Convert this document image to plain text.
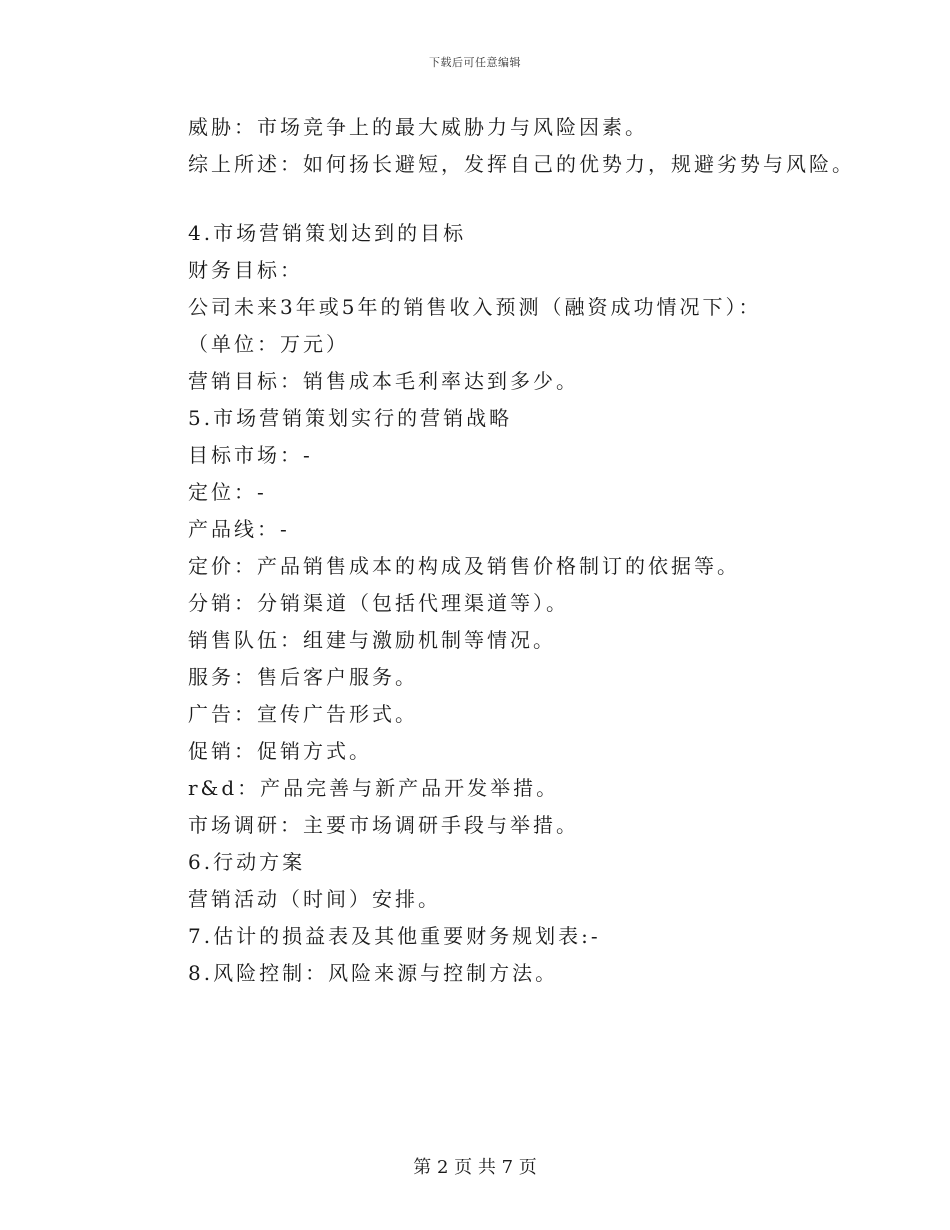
下载后可任意编辑
威胁：市场竞争上的最大威胁力与风险因素。
综上所述：如何扬长避短，发挥自己的优势力，规避劣势与风险。
4.市场营销策划达到的目标
财务目标：
公司未来3年或5年的销售收入预测（融资成功情况下）：
（单位：万元）
营销目标：销售成本毛利率达到多少。
5.市场营销策划实行的营销战略
目标市场：-
定位：-
产品线：-
定价：产品销售成本的构成及销售价格制订的依据等。
分销：分销渠道（包括代理渠道等）。
销售队伍：组建与激励机制等情况。
服务：售后客户服务。
广告：宣传广告形式。
促销：促销方式。
r&d：产品完善与新产品开发举措。
市场调研：主要市场调研手段与举措。
6.行动方案
营销活动（时间）安排。
7.估计的损益表及其他重要财务规划表:-
8.风险控制：风险来源与控制方法。
第 2 页 共 7 页
